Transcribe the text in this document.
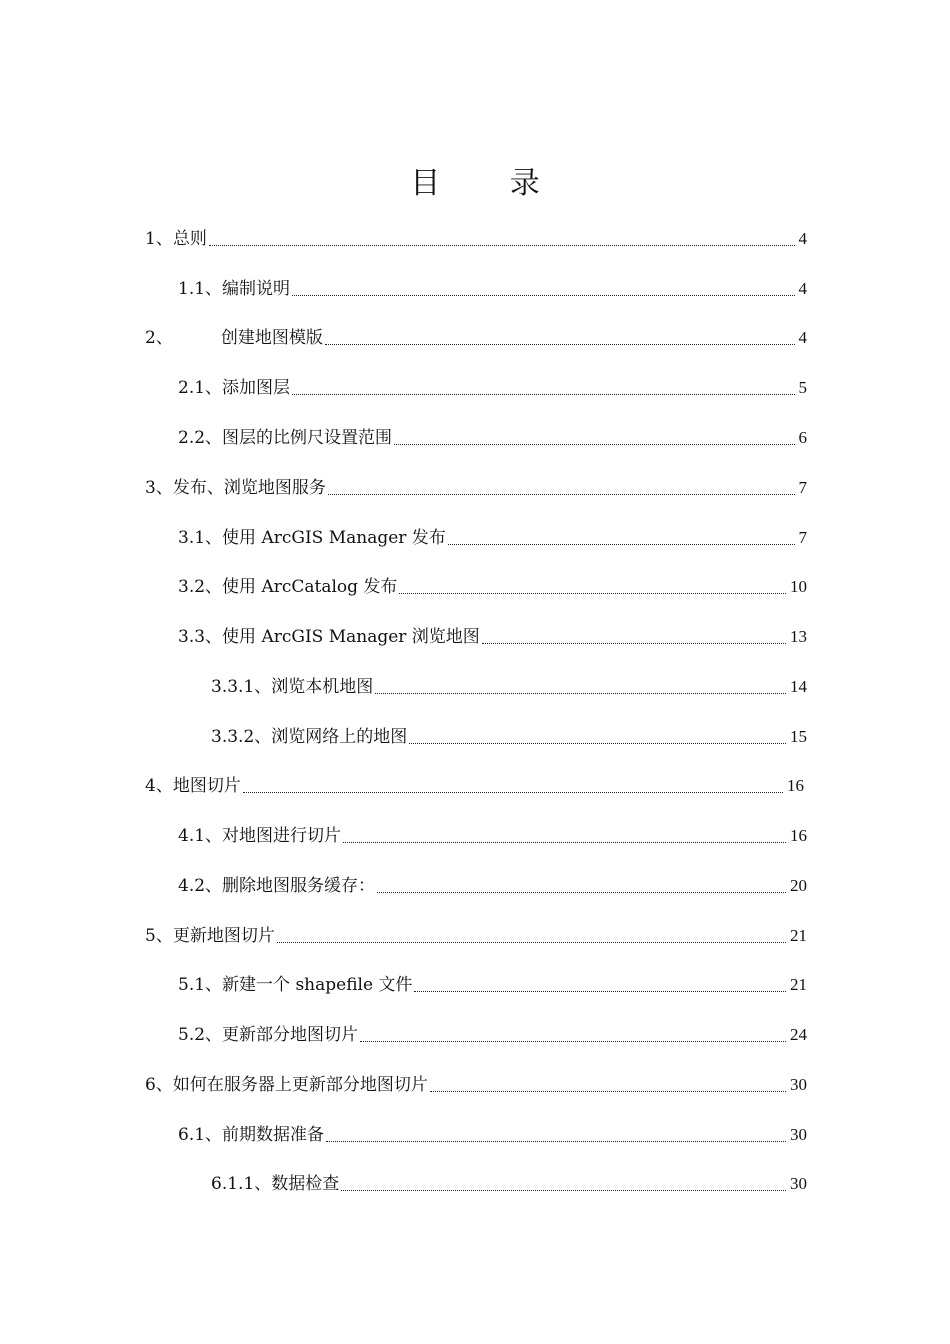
目 录
1、总则	4
1.1、编制说明	4
2、	创建地图模版	4
2.1、添加图层	5
2.2、图层的比例尺设置范围	6
3、发布、浏览地图服务	7
3.1、使用 ArcGIS Manager 发布	7
3.2、使用 ArcCatalog 发布	10
3.3、使用 ArcGIS Manager 浏览地图	13
3.3.1、浏览本机地图	14
3.3.2、浏览网络上的地图	15
4、地图切片	16
4.1、对地图进行切片	16
4.2、删除地图服务缓存：	20
5、更新地图切片	21
5.1、新建一个 shapefile 文件	21
5.2、更新部分地图切片	24
6、如何在服务器上更新部分地图切片	30
6.1、前期数据准备	30
6.1.1、数据检查	30
